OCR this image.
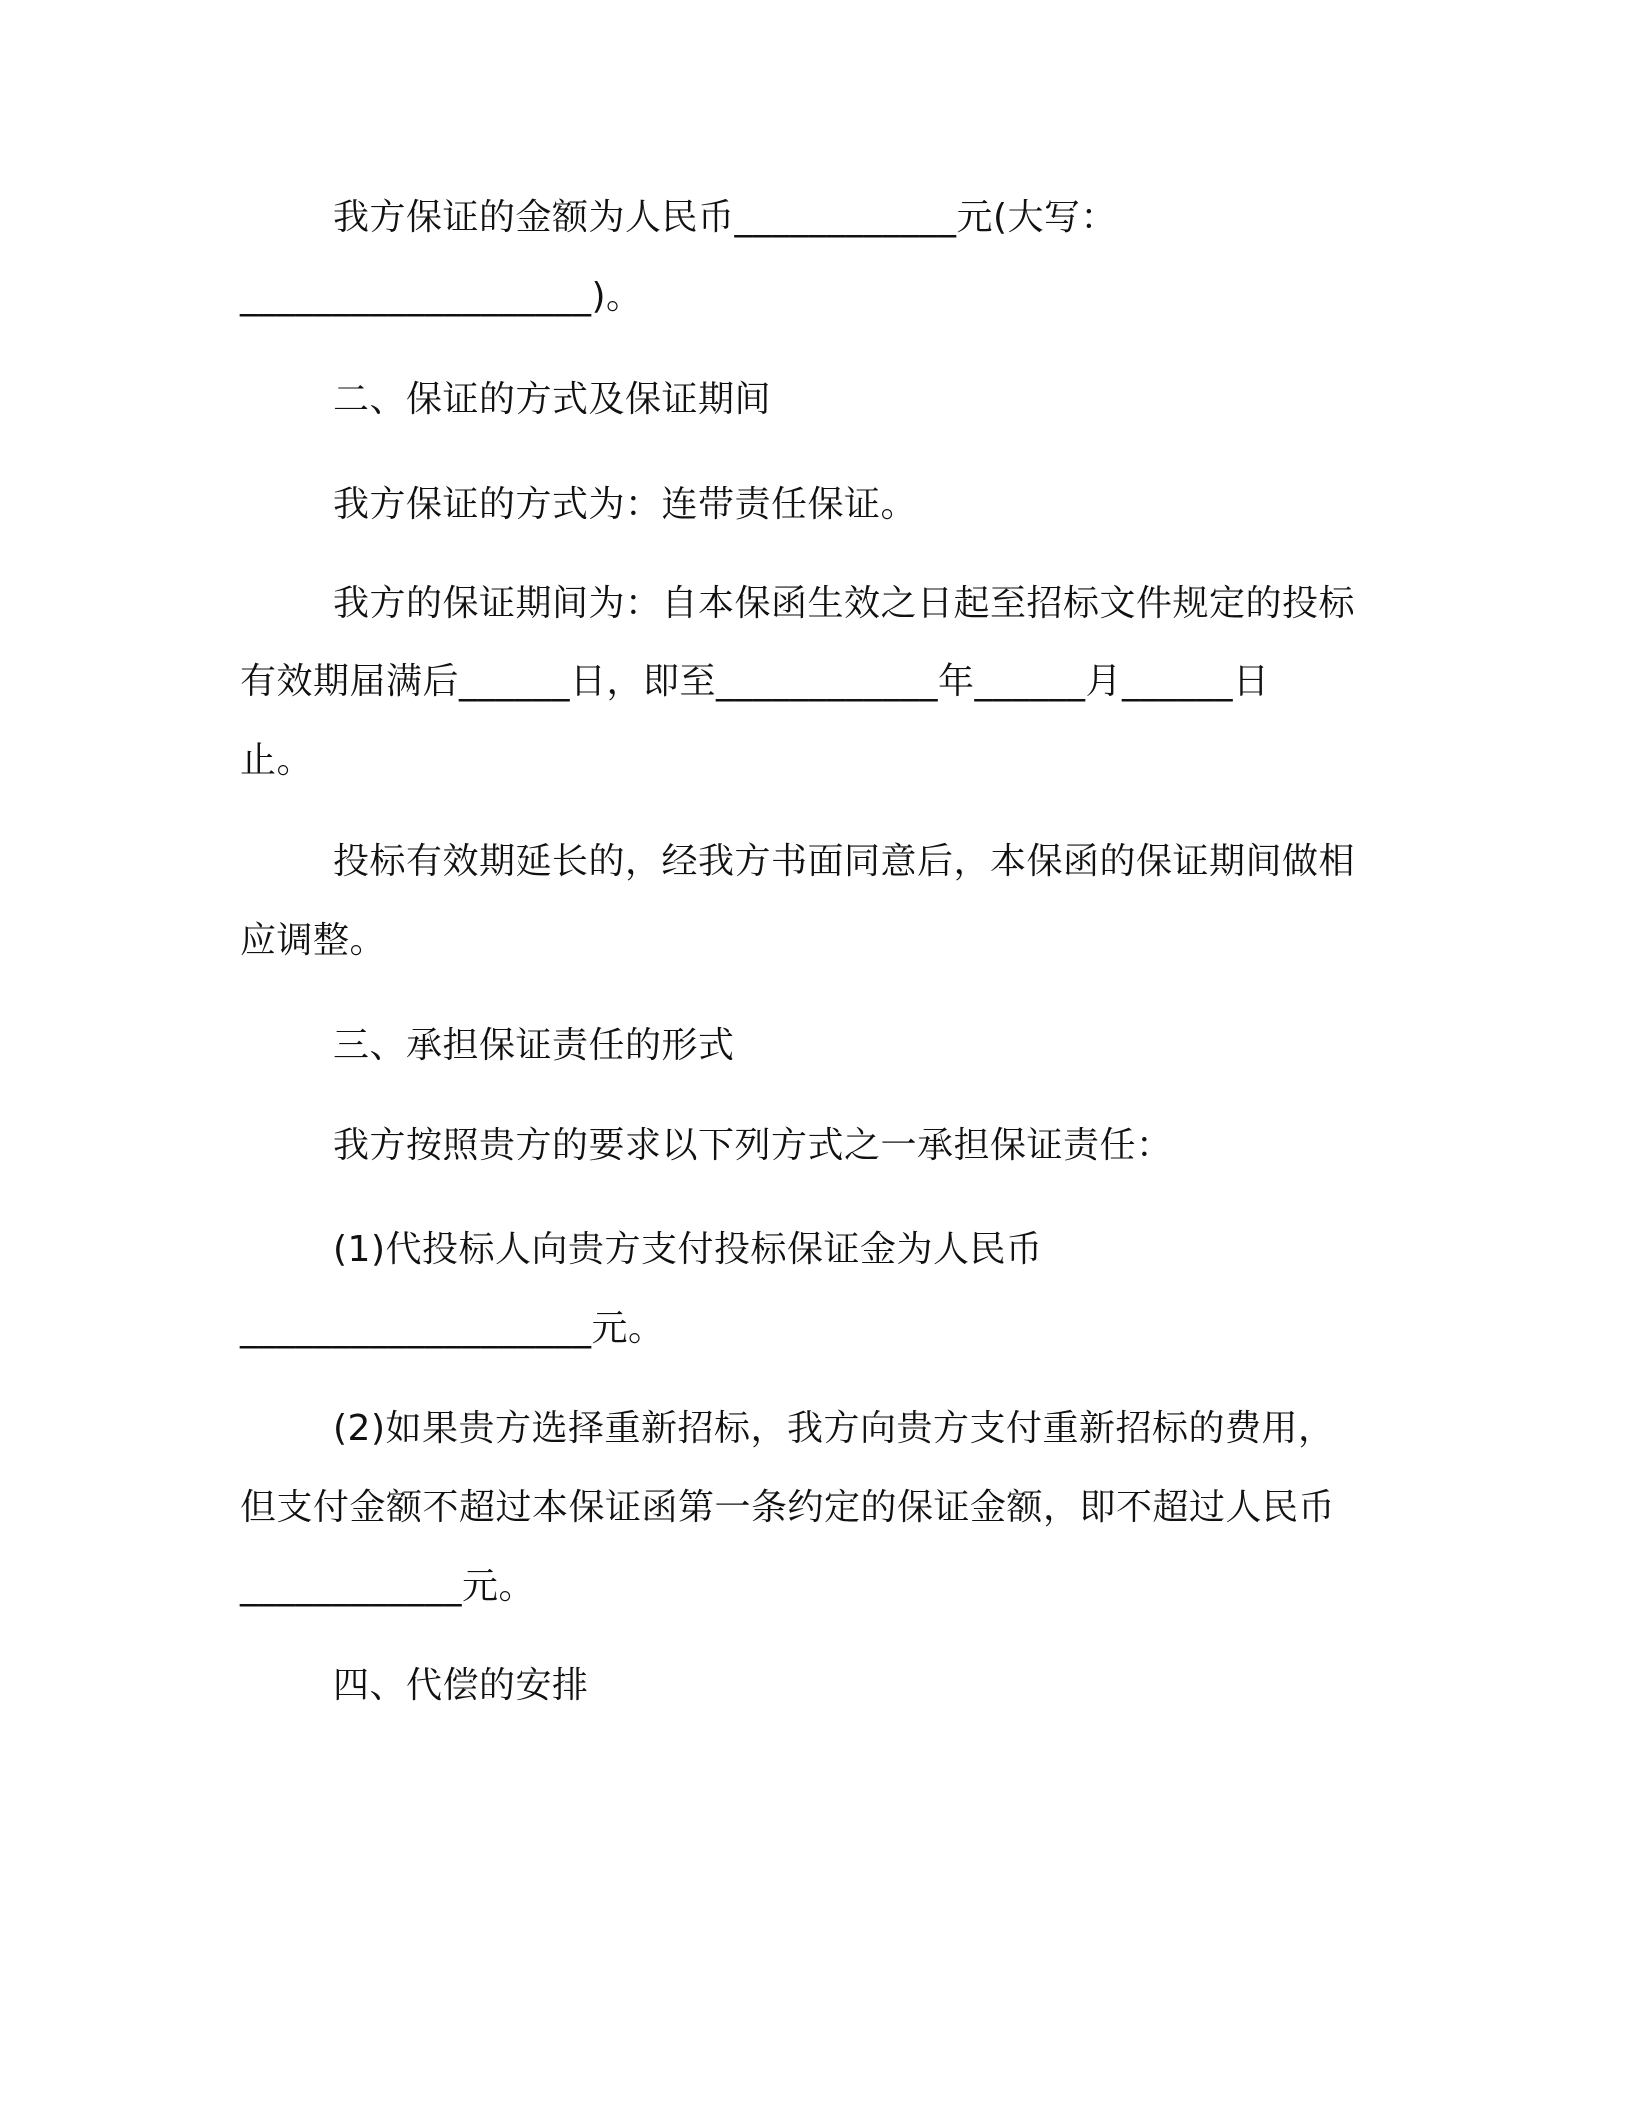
我方保证的金额为人民币____________元(大写：
___________________)。
二、保证的方式及保证期间
我方保证的方式为：连带责任保证。
我方的保证期间为：自本保函生效之日起至招标文件规定的投标
有效期届满后______日，即至____________年______月______日
止。
投标有效期延长的，经我方书面同意后，本保函的保证期间做相
应调整。
三、承担保证责任的形式
我方按照贵方的要求以下列方式之一承担保证责任：
(1)代投标人向贵方支付投标保证金为人民币
___________________元。
(2)如果贵方选择重新招标，我方向贵方支付重新招标的费用，
但支付金额不超过本保证函第一条约定的保证金额，即不超过人民币
____________元。
四、代偿的安排
